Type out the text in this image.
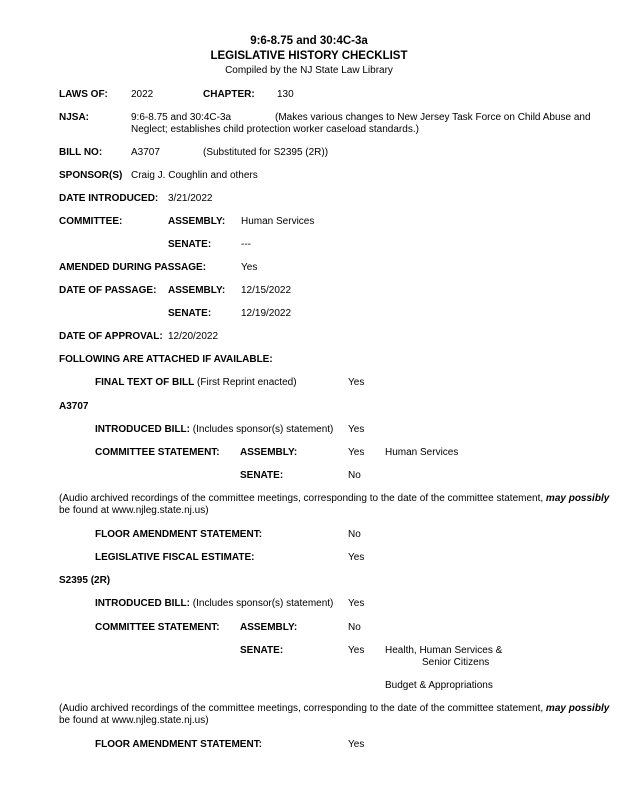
9:6-8.75 and 30:4C-3a
LEGISLATIVE HISTORY CHECKLIST
Compiled by the NJ State Law Library
LAWS OF: 2022	CHAPTER: 130
NJSA:	9:6-8.75 and 30:4C-3a	(Makes various changes to New Jersey Task Force on Child Abuse and
Neglect; establishes child protection worker caseload standards.)
BILL NO:	A3707	(Substituted for S2395 (2R))
SPONSOR(S) Craig J. Coughlin and others
DATE INTRODUCED: 3/21/2022
COMMITTEE:	ASSEMBLY: Human Services
SENATE:	---
AMENDED DURING PASSAGE:	Yes
DATE OF PASSAGE: ASSEMBLY: 12/15/2022
SENATE:	12/19/2022
DATE OF APPROVAL: 12/20/2022
FOLLOWING ARE ATTACHED IF AVAILABLE:
FINAL TEXT OF BILL (First Reprint enacted)	Yes
A3707
INTRODUCED BILL: (Includes sponsor(s) statement) Yes
COMMITTEE STATEMENT: ASSEMBLY:	Yes Human Services
SENATE:	No
(Audio archived recordings of the committee meetings, corresponding to the date of the committee statement, may possibly
be found at www.njleg.state.nj.us)
FLOOR AMENDMENT STATEMENT:	No
LEGISLATIVE FISCAL ESTIMATE:	Yes
S2395 (2R)
INTRODUCED BILL: (Includes sponsor(s) statement) Yes
COMMITTEE STATEMENT: ASSEMBLY:	No
SENATE:	Yes Health, Human Services &
Senior Citizens
Budget & Appropriations
(Audio archived recordings of the committee meetings, corresponding to the date of the committee statement, may possibly
be found at www.njleg.state.nj.us)
FLOOR AMENDMENT STATEMENT:	Yes
